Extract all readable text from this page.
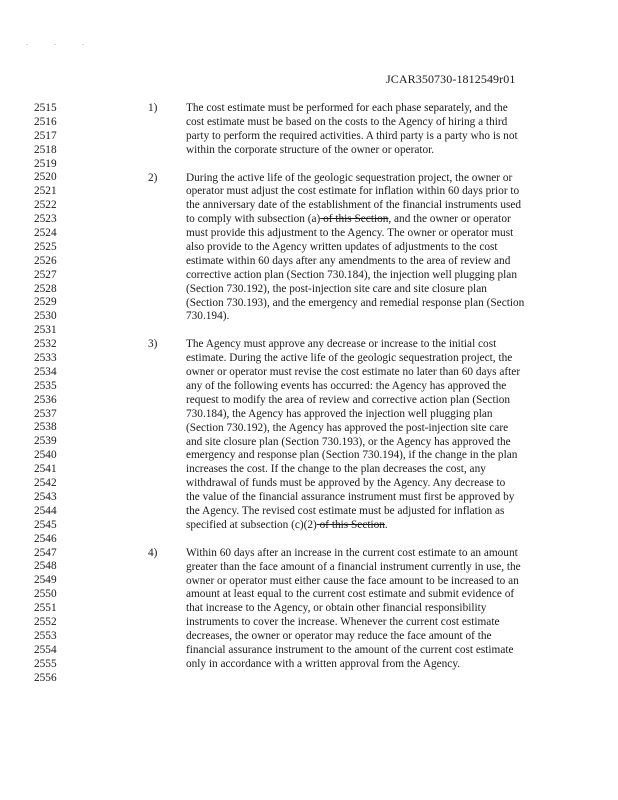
. . .
JCAR350730-1812549r01
2515
2516
2517
2518
2519
2520
2521
2522
2523
2524
2525
2526
2527
2528
2529
2530
2531
2532
2533
2534
2535
2536
2537
2538
2539
2540
2541
2542
2543
2544
2545
2546
2547
2548
2549
2550
2551
2552
2553
2554
2555
2556
1)	The cost estimate must be performed for each phase separately, and the
cost estimate must be based on the costs to the Agency of hiring a third
party to perform the required activities. A third party is a party who is not
within the corporate structure of the owner or operator.
2)	During the active life of the geologic sequestration project, the owner or
operator must adjust the cost estimate for inflation within 60 days prior to
the anniversary date of the establishment of the financial instruments used
to comply with subsection (a) of this Section, and the owner or operator
must provide this adjustment to the Agency. The owner or operator must
also provide to the Agency written updates of adjustments to the cost
estimate within 60 days after any amendments to the area of review and
corrective action plan (Section 730.184), the injection well plugging plan
(Section 730.192), the post-injection site care and site closure plan
(Section 730.193), and the emergency and remedial response plan (Section
730.194).
3)	The Agency must approve any decrease or increase to the initial cost
estimate. During the active life of the geologic sequestration project, the
owner or operator must revise the cost estimate no later than 60 days after
any of the following events has occurred: the Agency has approved the
request to modify the area of review and corrective action plan (Section
730.184), the Agency has approved the injection well plugging plan
(Section 730.192), the Agency has approved the post-injection site care
and site closure plan (Section 730.193), or the Agency has approved the
emergency and response plan (Section 730.194), if the change in the plan
increases the cost. If the change to the plan decreases the cost, any
withdrawal of funds must be approved by the Agency. Any decrease to
the value of the financial assurance instrument must first be approved by
the Agency. The revised cost estimate must be adjusted for inflation as
specified at subsection (c)(2) of this Section.
4)	Within 60 days after an increase in the current cost estimate to an amount
greater than the face amount of a financial instrument currently in use, the
owner or operator must either cause the face amount to be increased to an
amount at least equal to the current cost estimate and submit evidence of
that increase to the Agency, or obtain other financial responsibility
instruments to cover the increase. Whenever the current cost estimate
decreases, the owner or operator may reduce the face amount of the
financial assurance instrument to the amount of the current cost estimate
only in accordance with a written approval from the Agency.
